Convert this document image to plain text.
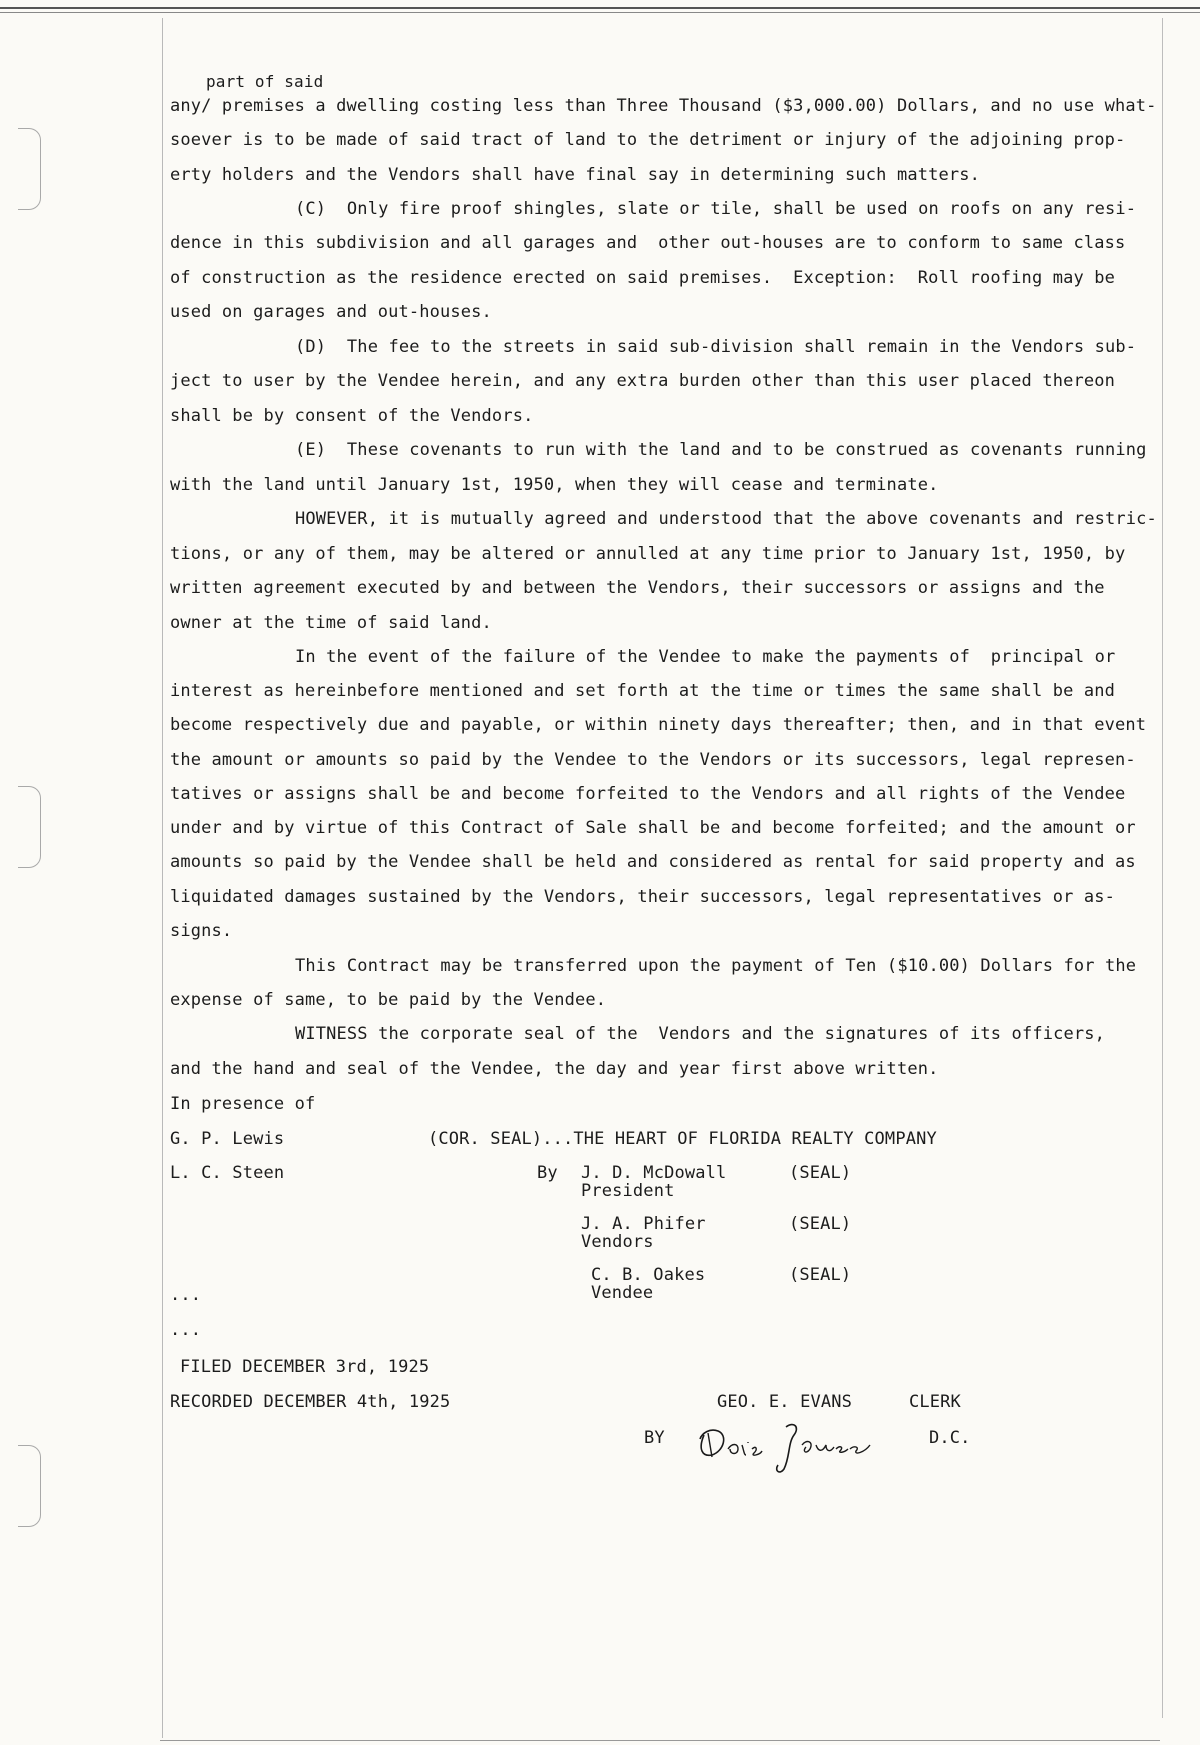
part of said
any/ premises a dwelling costing less than Three Thousand ($3,000.00) Dollars, and no use what-
soever is to be made of said tract of land to the detriment or injury of the adjoining prop-
erty holders and the Vendors shall have final say in determining such matters.
(C)  Only fire proof shingles, slate or tile, shall be used on roofs on any resi-
dence in this subdivision and all garages and  other out-houses are to conform to same class
of construction as the residence erected on said premises.  Exception:  Roll roofing may be
used on garages and out-houses.
(D)  The fee to the streets in said sub-division shall remain in the Vendors sub-
ject to user by the Vendee herein, and any extra burden other than this user placed thereon
shall be by consent of the Vendors.
(E)  These covenants to run with the land and to be construed as covenants running
with the land until January 1st, 1950, when they will cease and terminate.
HOWEVER, it is mutually agreed and understood that the above covenants and restric-
tions, or any of them, may be altered or annulled at any time prior to January 1st, 1950, by
written agreement executed by and between the Vendors, their successors or assigns and the
owner at the time of said land.
In the event of the failure of the Vendee to make the payments of  principal or
interest as hereinbefore mentioned and set forth at the time or times the same shall be and
become respectively due and payable, or within ninety days thereafter; then, and in that event
the amount or amounts so paid by the Vendee to the Vendors or its successors, legal represen-
tatives or assigns shall be and become forfeited to the Vendors and all rights of the Vendee
under and by virtue of this Contract of Sale shall be and become forfeited; and the amount or
amounts so paid by the Vendee shall be held and considered as rental for said property and as
liquidated damages sustained by the Vendors, their successors, legal representatives or as-
signs.
This Contract may be transferred upon the payment of Ten ($10.00) Dollars for the
expense of same, to be paid by the Vendee.
WITNESS the corporate seal of the  Vendors and the signatures of its officers,
and the hand and seal of the Vendee, the day and year first above written.
In presence of
G. P. Lewis
L. C. Steen
(COR. SEAL)...THE HEART OF FLORIDA REALTY COMPANY
By J. D. McDowall
President
(SEAL)
J. A. Phifer
Vendors
(SEAL)
C. B. Oakes
Vendee
(SEAL)
...
...
FILED DECEMBER 3rd, 1925
RECORDED DECEMBER 4th, 1925	GEO. E. EVANS	CLERK
BY	D.C.
